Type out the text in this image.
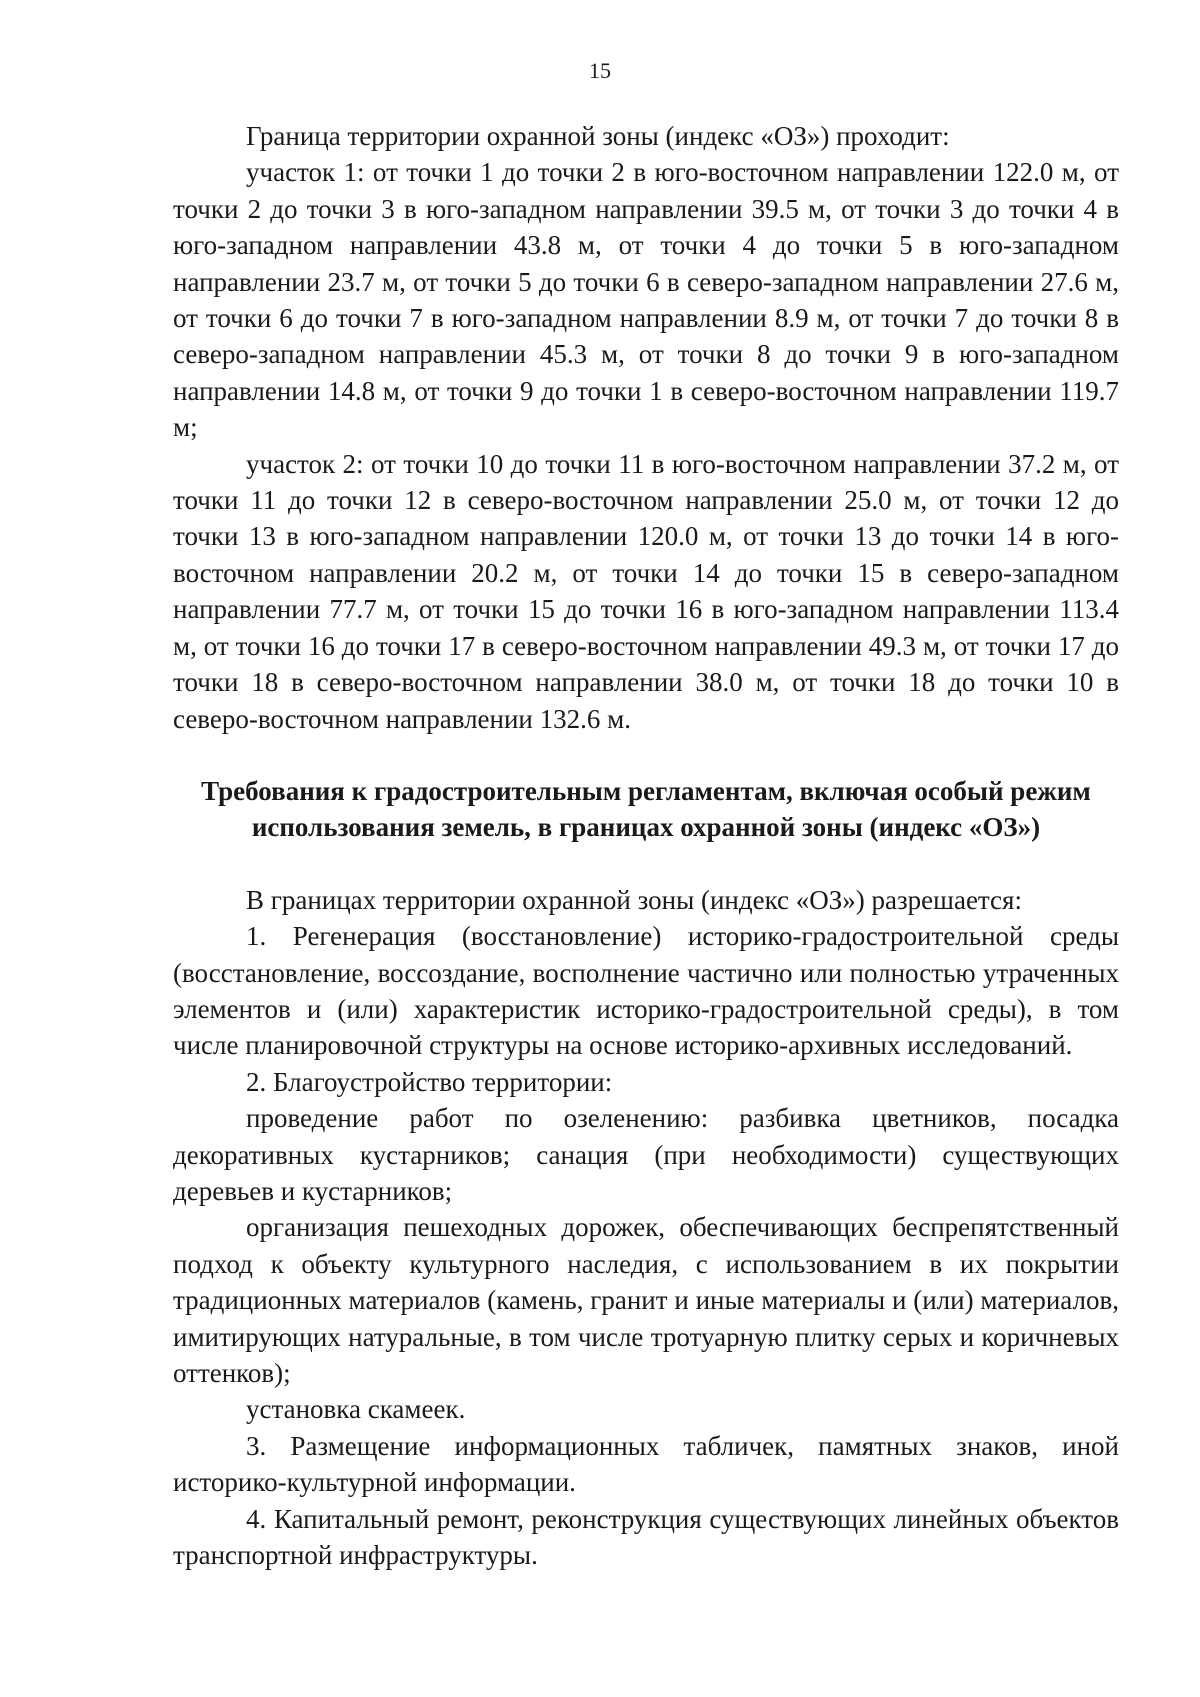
15

Граница территории охранной зоны (индекс «ОЗ») проходит:

участок 1: от точки 1 до точки 2 в юго-восточном направлении 122.0 м, от точки 2 до точки 3 в юго-западном направлении 39.5 м, от точки 3 до точки 4 в юго-западном направлении 43.8 м, от точки 4 до точки 5 в юго-западном направлении 23.7 м, от точки 5 до точки 6 в северо-западном направлении 27.6 м, от точки 6 до точки 7 в юго-западном направлении 8.9 м, от точки 7 до точки 8 в северо-западном направлении 45.3 м, от точки 8 до точки 9 в юго-западном направлении 14.8 м, от точки 9 до точки 1 в северо-восточном направлении 119.7 м;

участок 2: от точки 10 до точки 11 в юго-восточном направлении 37.2 м, от точки 11 до точки 12 в северо-восточном направлении 25.0 м, от точки 12 до точки 13 в юго-западном направлении 120.0 м, от точки 13 до точки 14 в юго-восточном направлении 20.2 м, от точки 14 до точки 15 в северо-западном направлении 77.7 м, от точки 15 до точки 16 в юго-западном направлении 113.4 м, от точки 16 до точки 17 в северо-восточном направлении 49.3 м, от точки 17 до точки 18 в северо-восточном направлении 38.0 м, от точки 18 до точки 10 в северо-восточном направлении 132.6 м.

Требования к градостроительным регламентам, включая особый режим использования земель, в границах охранной зоны (индекс «ОЗ»)

В границах территории охранной зоны (индекс «ОЗ») разрешается:

1. Регенерация (восстановление) историко-градостроительной среды (восстановление, воссоздание, восполнение частично или полностью утраченных элементов и (или) характеристик историко-градостроительной среды), в том числе планировочной структуры на основе историко-архивных исследований.

2. Благоустройство территории:

проведение работ по озеленению: разбивка цветников, посадка декоративных кустарников; санация (при необходимости) существующих деревьев и кустарников;

организация пешеходных дорожек, обеспечивающих беспрепятственный подход к объекту культурного наследия, с использованием в их покрытии традиционных материалов (камень, гранит и иные материалы и (или) материалов, имитирующих натуральные, в том числе тротуарную плитку серых и коричневых оттенков);

установка скамеек.

3. Размещение информационных табличек, памятных знаков, иной историко-культурной информации.

4. Капитальный ремонт, реконструкция существующих линейных объектов транспортной инфраструктуры.
